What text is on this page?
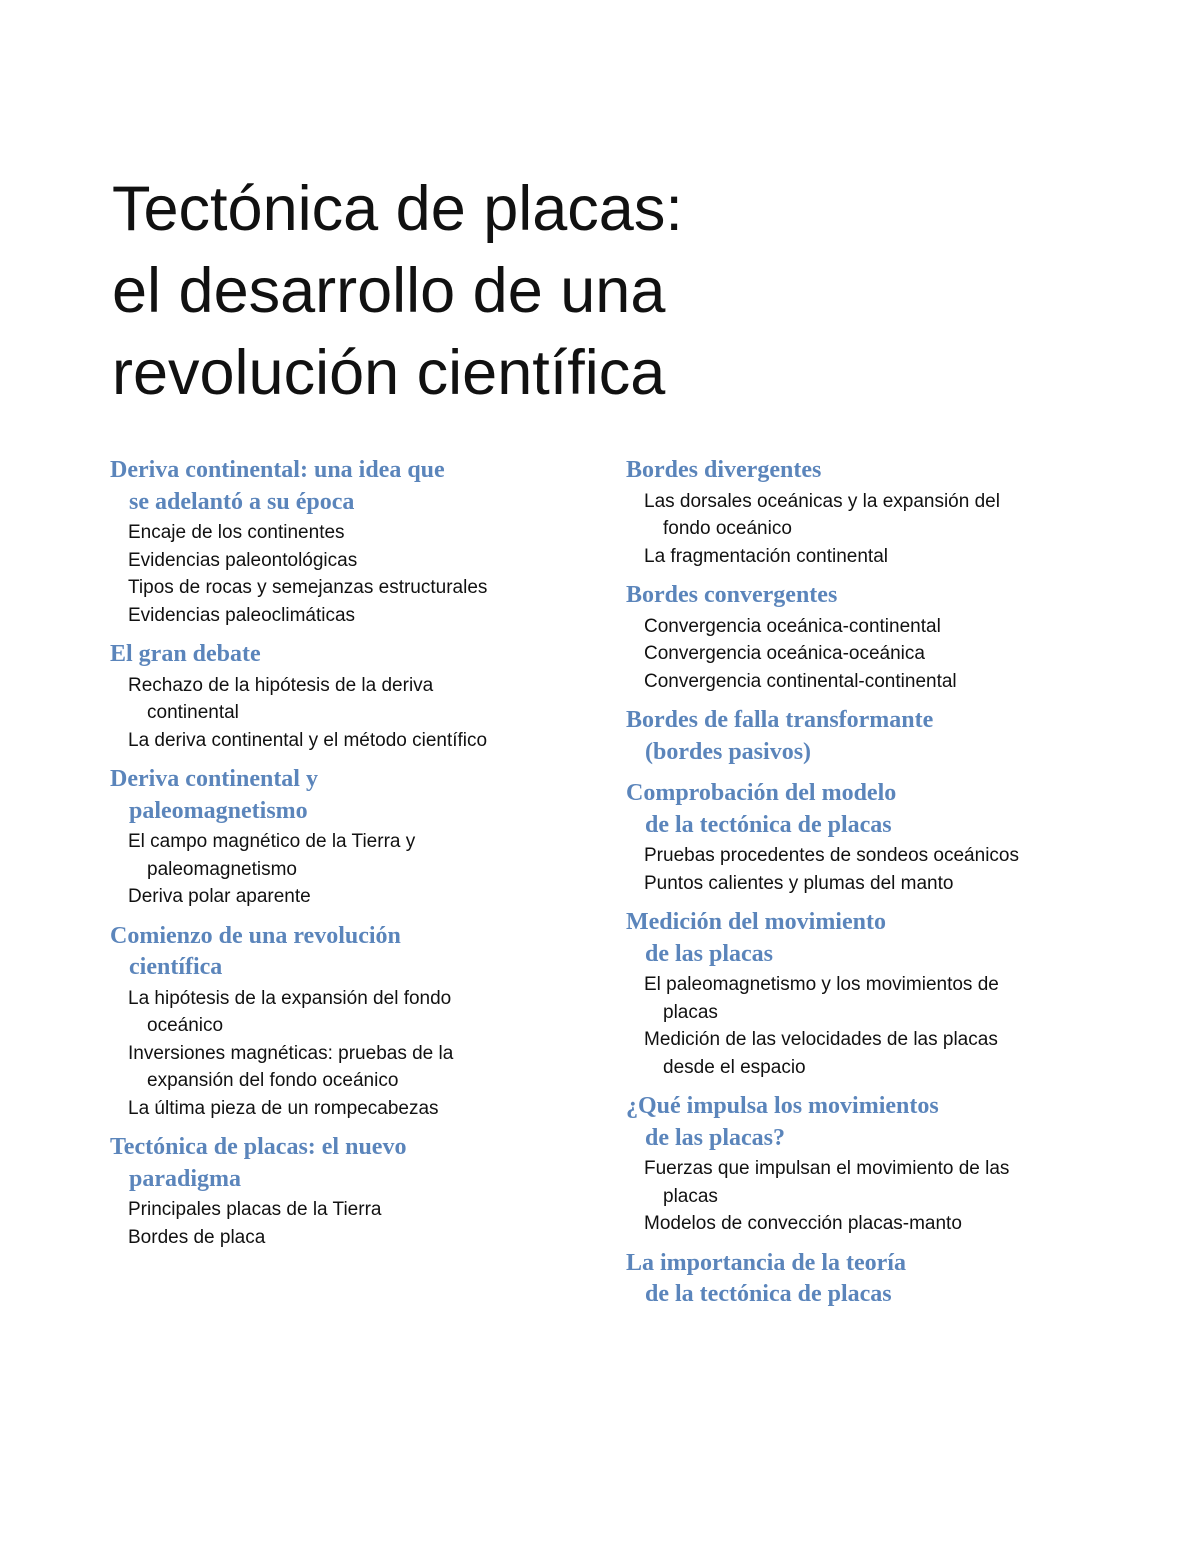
Tectónica de placas:
el desarrollo de una
revolución científica
Deriva continental: una idea que
se adelantó a su época
Encaje de los continentes
Evidencias paleontológicas
Tipos de rocas y semejanzas estructurales
Evidencias paleoclimáticas
El gran debate
Rechazo de la hipótesis de la deriva
continental
La deriva continental y el método científico
Deriva continental y
paleomagnetismo
El campo magnético de la Tierra y
paleomagnetismo
Deriva polar aparente
Comienzo de una revolución
científica
La hipótesis de la expansión del fondo
oceánico
Inversiones magnéticas: pruebas de la
expansión del fondo oceánico
La última pieza de un rompecabezas
Tectónica de placas: el nuevo
paradigma
Principales placas de la Tierra
Bordes de placa
Bordes divergentes
Las dorsales oceánicas y la expansión del
fondo oceánico
La fragmentación continental
Bordes convergentes
Convergencia oceánica-continental
Convergencia oceánica-oceánica
Convergencia continental-continental
Bordes de falla transformante
(bordes pasivos)
Comprobación del modelo
de la tectónica de placas
Pruebas procedentes de sondeos oceánicos
Puntos calientes y plumas del manto
Medición del movimiento
de las placas
El paleomagnetismo y los movimientos de
placas
Medición de las velocidades de las placas
desde el espacio
¿Qué impulsa los movimientos
de las placas?
Fuerzas que impulsan el movimiento de las
placas
Modelos de convección placas-manto
La importancia de la teoría
de la tectónica de placas
